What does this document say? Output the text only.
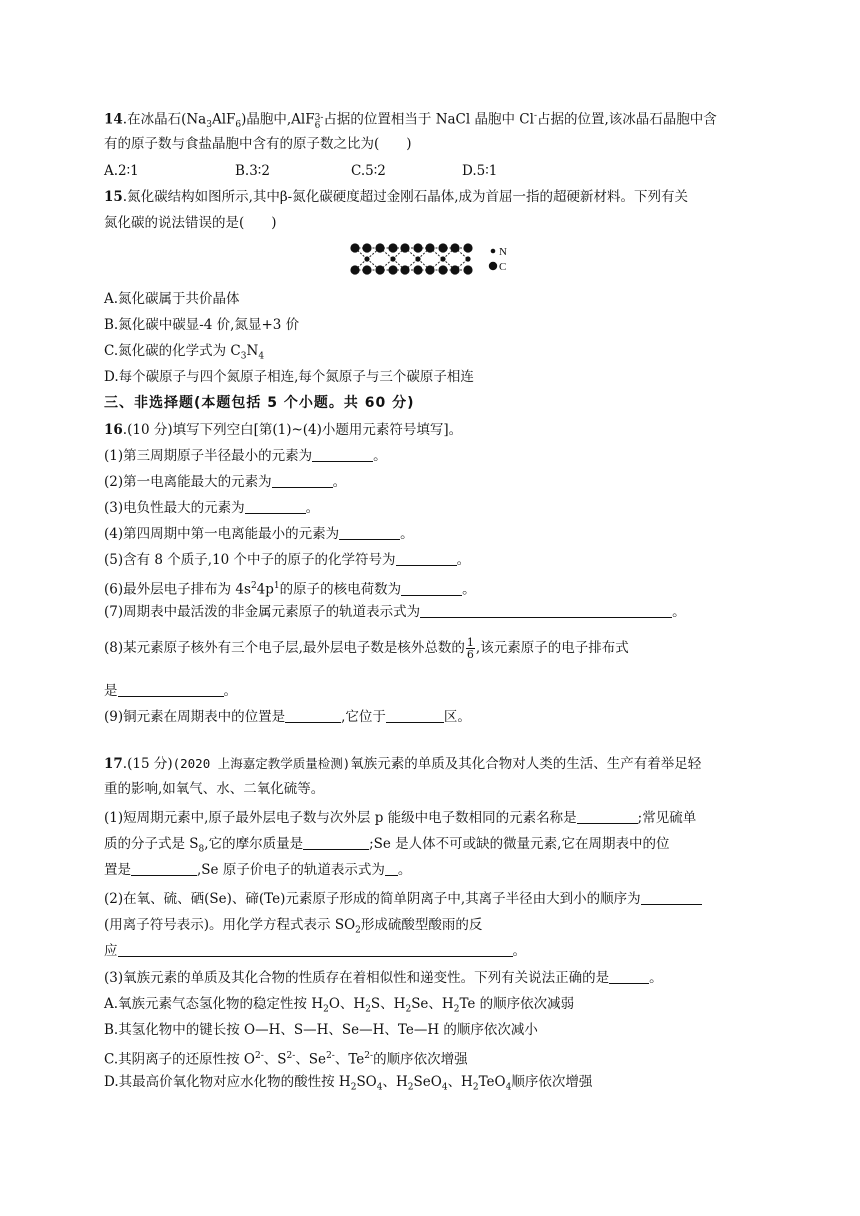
14.在冰晶石$(Na_3AlF_6)$晶胞中,AlF 3-
6 占据的位置相当于 NaCl 晶胞中 Cl-占据的位置,该冰晶石晶胞中含
有的原子数与食盐晶胞中含有的原子数之比为(　　)
A.2∶1	B.3∶2	C.5∶2	D.5∶1
15.氮化碳结构如图所示,其中β-氮化碳硬度超过金刚石晶体,成为首屈一指的超硬新材料。下列有关
氮化碳的说法错误的是(　　)
N
C
A.氮化碳属于共价晶体
B.氮化碳中碳显-4 价,氮显+3 价
C.氮化碳的化学式为 $C_3N_4$
D.每个碳原子与四个氮原子相连,每个氮原子与三个碳原子相连
三、非选择题(本题包括 5 个小题。共 60 分)
16.(10 分)填写下列空白[第(1)~(4)小题用元素符号填写]。
(1)第三周期原子半径最小的元素为	。
(2)第一电离能最大的元素为	。
(3)电负性最大的元素为	。
(4)第四周期中第一电离能最小的元素为	。
(5)含有 8 个质子,10 个中子的原子的化学符号为	。
(6)最外层电子排布为 $4s^24p^1$的原子的核电荷数为	。
(7)周期表中最活泼的非金属元素原子的轨道表示式为	。
(8)某元素原子核外有三个电子层,最外层电子数是核外总数的 $\frac{1}{6}$ ,该元素原子的电子排布式
是	。
(9)铜元素在周期表中的位置是	,它位于	区。
17.(15 分)(2020 上海嘉定教学质量检测)氧族元素的单质及其化合物对人类的生活、生产有着举足轻
重的影响,如氧气、水、二氧化硫等。
(1)短周期元素中,原子最外层电子数与次外层 p 能级中电子数相同的元素名称是	;常见硫单
质的分子式是 $S_8$,它的摩尔质量是	;Se 是人体不可或缺的微量元素,它在周期表中的位
置是	,Se 原子价电子的轨道表示式为 。
(2)在氧、硫、硒(Se)、碲(Te)元素原子形成的简单阴离子中,其离子半径由大到小的顺序为
(用离子符号表示)。用化学方程式表示 $SO_2$形成硫酸型酸雨的反
应	。
(3)氧族元素的单质及其化合物的性质存在着相似性和递变性。下列有关说法正确的是	。
A.氧族元素气态氢化物的稳定性按 $H_2O$、$H_2S$、$H_2Se$、$H_2Te$ 的顺序依次减弱
B.其氢化物中的键长按 O—H、S—H、Se—H、Te—H 的顺序依次减小
C.其阴离子的还原性按 $O^{2-}$、$S^{2-}$、$Se^{2-}$、$Te^{2-}$的顺序依次增强
D.其最高价氧化物对应水化物的酸性按 $H_2SO_4$、$H_2SeO_4$、$H_2TeO_4$顺序依次增强
